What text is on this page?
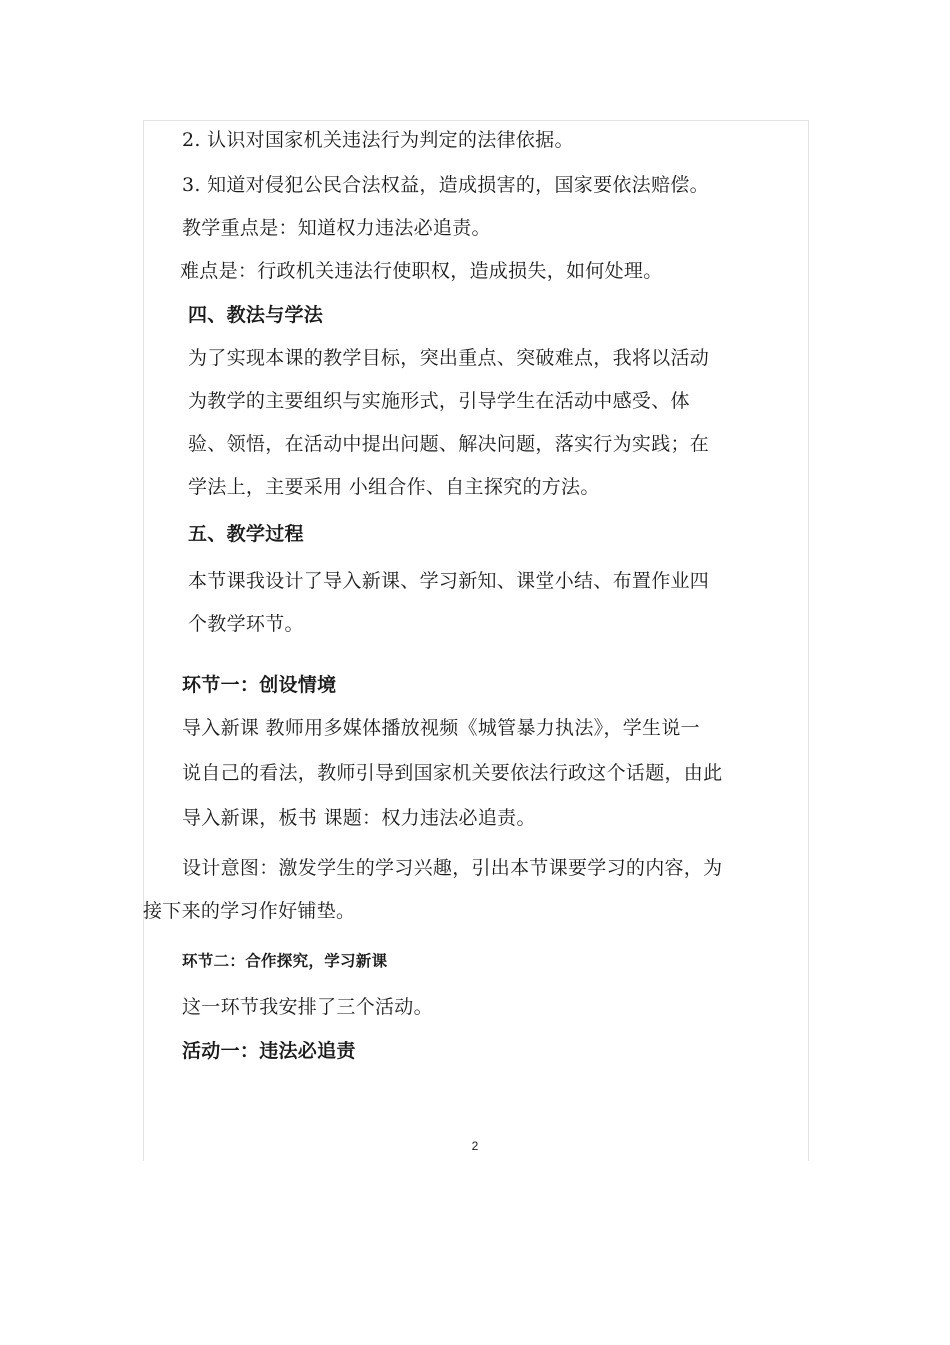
2. 认识对国家机关违法行为判定的法律依据。
3. 知道对侵犯公民合法权益，造成损害的，国家要依法赔偿。
教学重点是：知道权力违法必追责。
难点是：行政机关违法行使职权，造成损失，如何处理。
四、教法与学法
为了实现本课的教学目标，突出重点、突破难点，我将以活动
为教学的主要组织与实施形式，引导学生在活动中感受、体
验、领悟，在活动中提出问题、解决问题，落实行为实践；在
学法上，主要采用 小组合作、自主探究的方法。
五、教学过程
本节课我设计了导入新课、学习新知、课堂小结、布置作业四
个教学环节。
环节一：创设情境
导入新课 教师用多媒体播放视频《城管暴力执法》，学生说一
说自己的看法，教师引导到国家机关要依法行政这个话题，由此
导入新课，板书 课题：权力违法必追责。
设计意图：激发学生的学习兴趣，引出本节课要学习的内容，为
接下来的学习作好铺垫。
环节二：合作探究，学习新课
这一环节我安排了三个活动。
活动一：违法必追责
2
